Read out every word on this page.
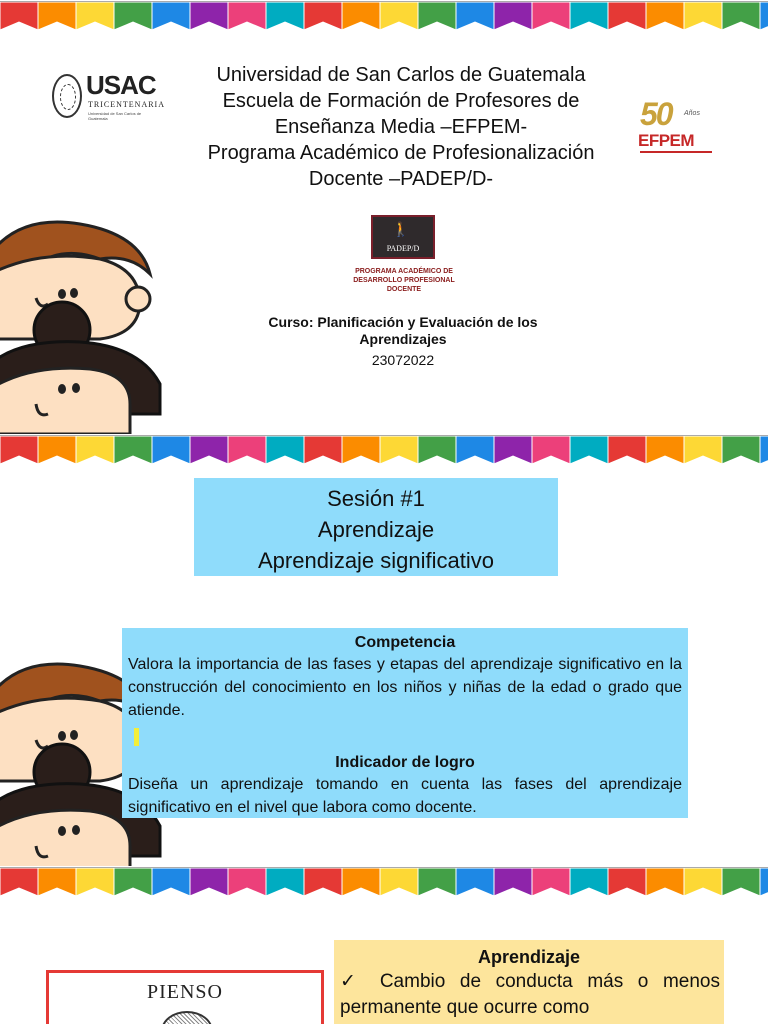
USAC
TRICENTENARIA
Universidad de San Carlos de Guatemala
Universidad de San Carlos de Guatemala
Escuela de Formación de Profesores de
Enseñanza Media –EFPEM-
Programa Académico de Profesionalización
Docente –PADEP/D-
50 Años
EFPEM
🚶
PADEP/D
PROGRAMA ACADÉMICO DE
DESARROLLO PROFESIONAL DOCENTE
Curso: Planificación y Evaluación de los
Aprendizajes
23072022
Sesión #1
Aprendizaje
Aprendizaje significativo
Competencia
Valora la importancia de las fases y etapas del aprendizaje significativo en la construcción del conocimiento en los niños y niñas de la edad o grado que atiende.
Indicador de logro
Diseña un aprendizaje tomando en cuenta las fases del aprendizaje significativo en el nivel que labora como docente.
Aprendizaje
✓ Cambio de conducta más o menos permanente que ocurre como
PIENSO
